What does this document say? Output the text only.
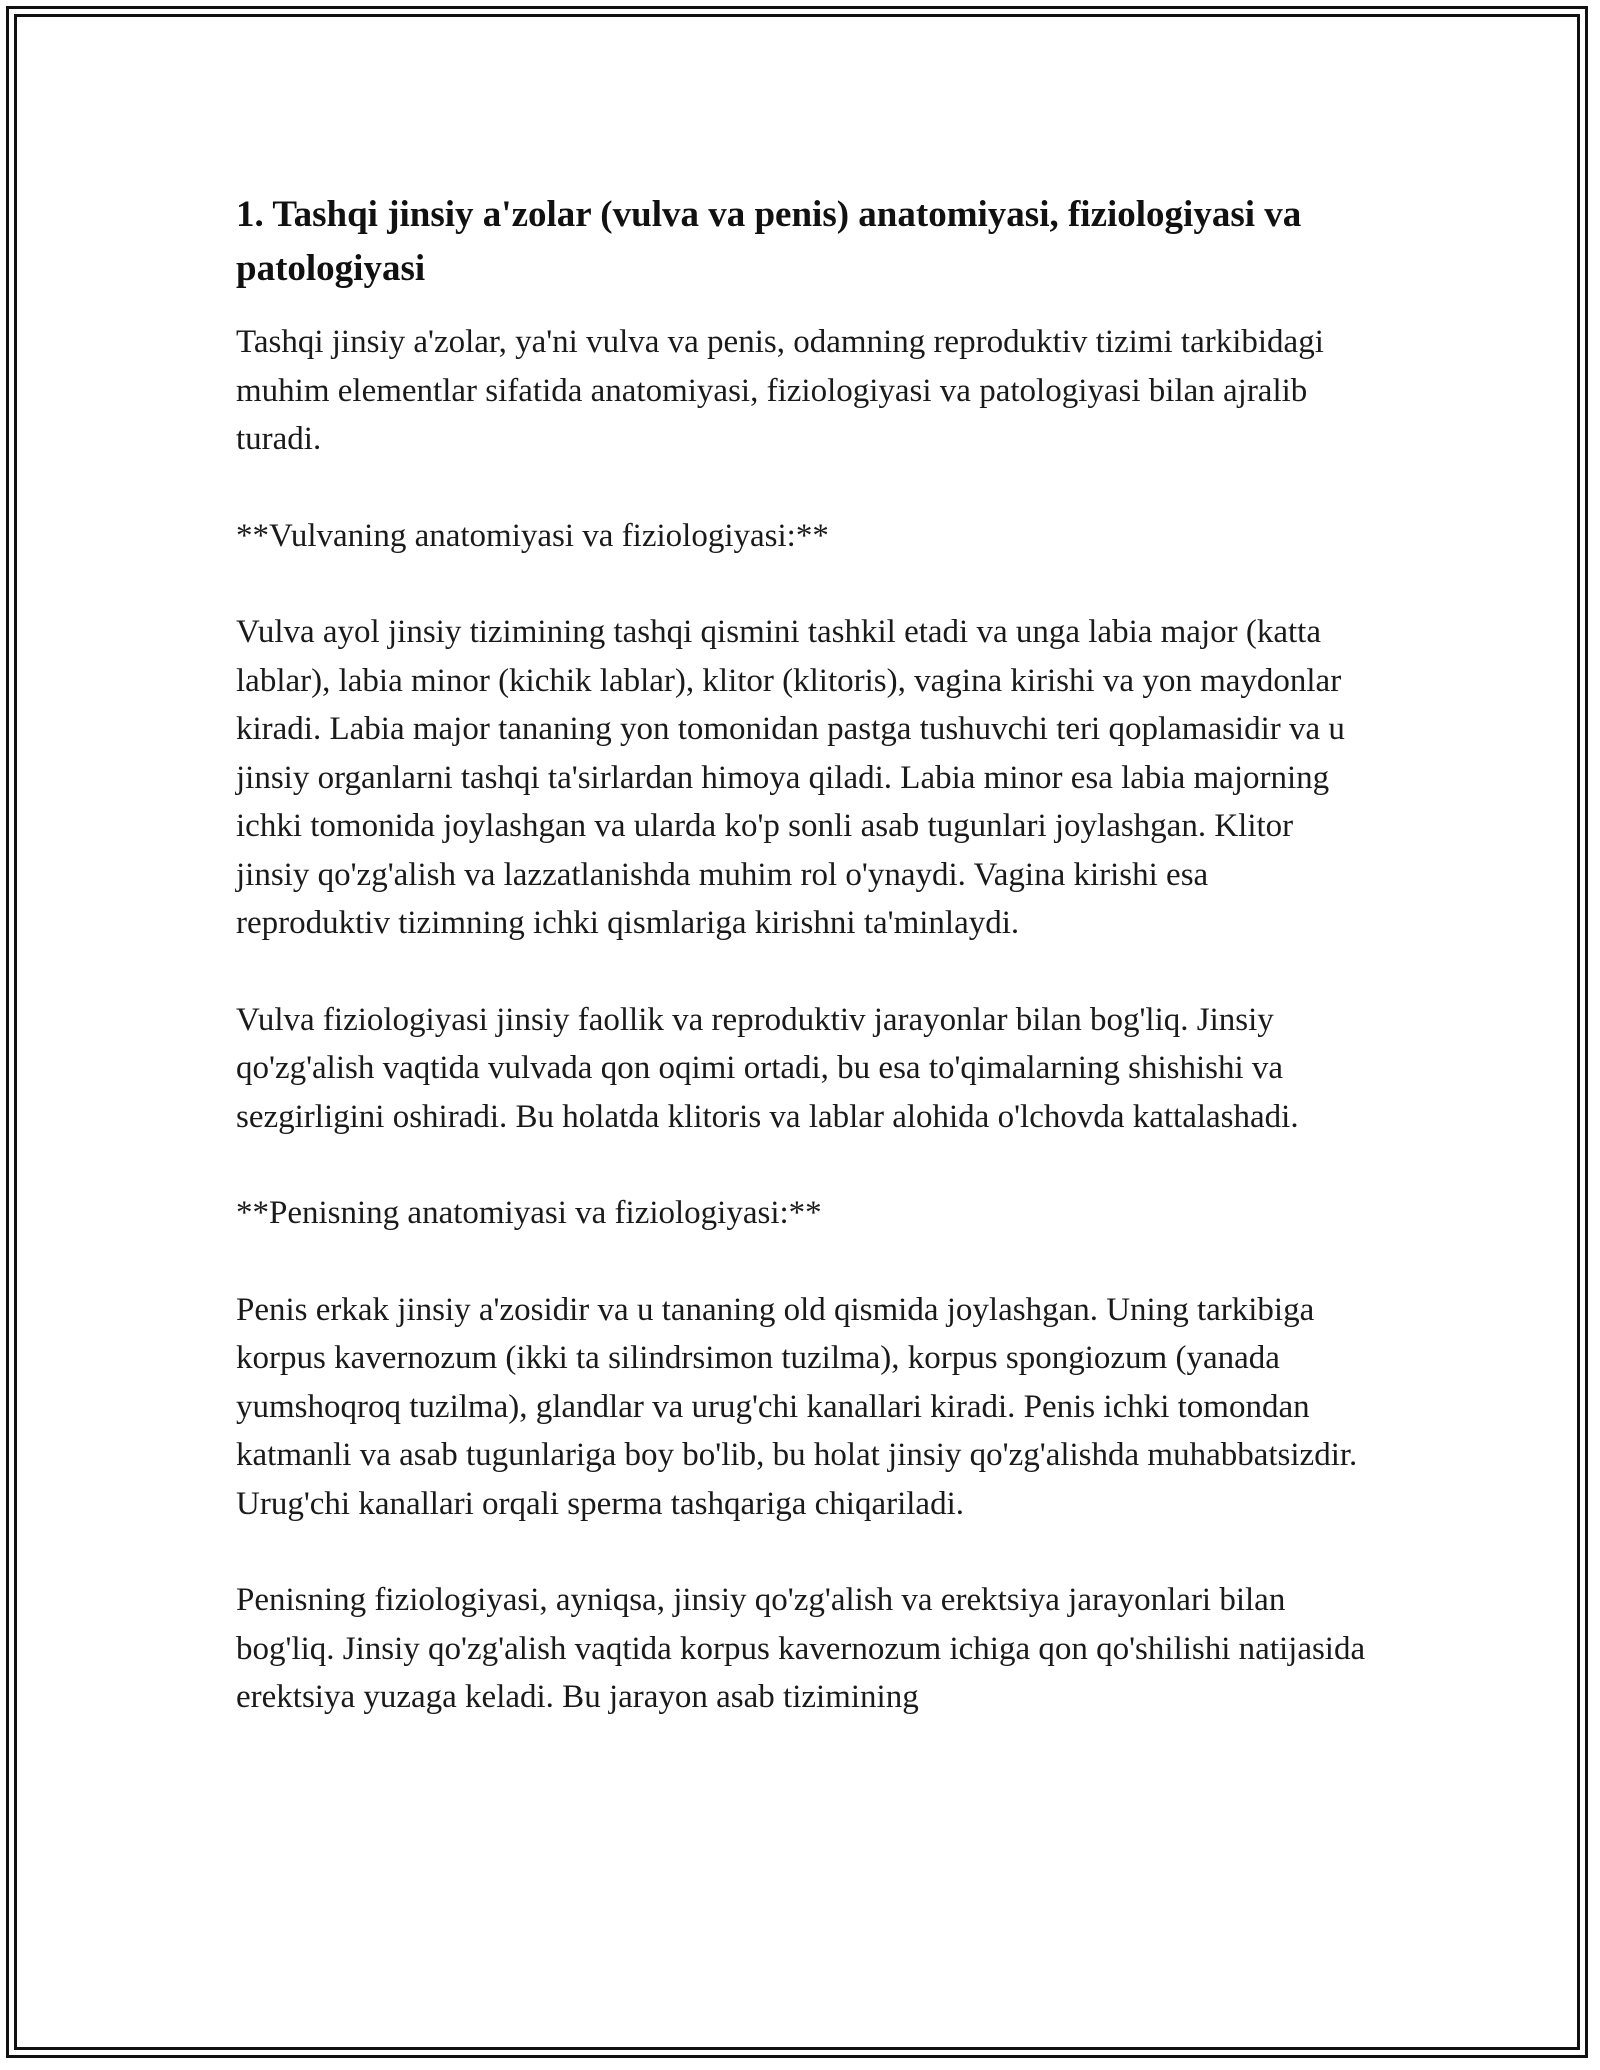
1. Tashqi jinsiy a'zolar (vulva va penis) anatomiyasi, fiziologiyasi va patologiyasi

Tashqi jinsiy a'zolar, ya'ni vulva va penis, odamning reproduktiv tizimi tarkibidagi muhim elementlar sifatida anatomiyasi, fiziologiyasi va patologiyasi bilan ajralib turadi.

**Vulvaning anatomiyasi va fiziologiyasi:**

Vulva ayol jinsiy tizimining tashqi qismini tashkil etadi va unga labia major (katta lablar), labia minor (kichik lablar), klitor (klitoris), vagina kirishi va yon maydonlar kiradi. Labia major tananing yon tomonidan pastga tushuvchi teri qoplamasidir va u jinsiy organlarni tashqi ta'sirlardan himoya qiladi. Labia minor esa labia majorning ichki tomonida joylashgan va ularda ko'p sonli asab tugunlari joylashgan. Klitor jinsiy qo'zg'alish va lazzatlanishda muhim rol o'ynaydi. Vagina kirishi esa reproduktiv tizimning ichki qismlariga kirishni ta'minlaydi.

Vulva fiziologiyasi jinsiy faollik va reproduktiv jarayonlar bilan bog'liq. Jinsiy qo'zg'alish vaqtida vulvada qon oqimi ortadi, bu esa to'qimalarning shishishi va sezgirligini oshiradi. Bu holatda klitoris va lablar alohida o'lchovda kattalashadi.

**Penisning anatomiyasi va fiziologiyasi:**

Penis erkak jinsiy a'zosidir va u tananing old qismida joylashgan. Uning tarkibiga korpus kavernozum (ikki ta silindrsimon tuzilma), korpus spongiozum (yanada yumshoqroq tuzilma), glandlar va urug'chi kanallari kiradi. Penis ichki tomondan katmanli va asab tugunlariga boy bo'lib, bu holat jinsiy qo'zg'alishda muhabbatsizdir. Urug'chi kanallari orqali sperma tashqariga chiqariladi.

Penisning fiziologiyasi, ayniqsa, jinsiy qo'zg'alish va erektsiya jarayonlari bilan bog'liq. Jinsiy qo'zg'alish vaqtida korpus kavernozum ichiga qon qo'shilishi natijasida erektsiya yuzaga keladi. Bu jarayon asab tizimining
